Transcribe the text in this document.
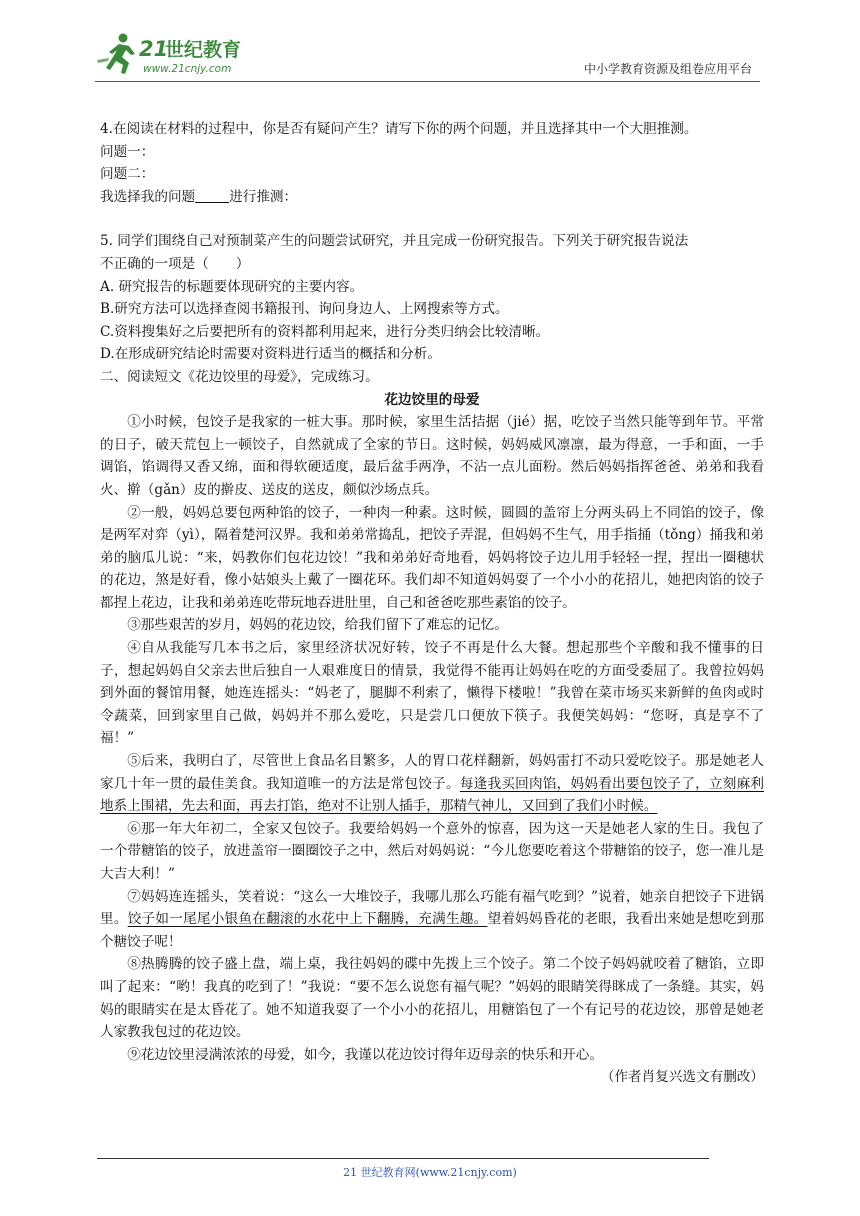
21
世纪教育
www.21cnjy.com	中小学教育资源及组卷应用平台

4.在阅读在材料的过程中，你是否有疑问产生？请写下你的两个问题，并且选择其中一个大胆推测。

问题一：

问题二：

我选择我的问题	进行推测：

5. 同学们围绕自己对预制菜产生的问题尝试研究，并且完成一份研究报告。下列关于研究报告说法

不正确的一项是（　　）

A. 研究报告的标题要体现研究的主要内容。

B.研究方法可以选择查阅书籍报刊、询问身边人、上网搜索等方式。

C.资料搜集好之后要把所有的资料都利用起来，进行分类归纳会比较清晰。

D.在形成研究结论时需要对资料进行适当的概括和分析。

二、阅读短文《花边饺里的母爱》，完成练习。

花边饺里的母爱

①小时候，包饺子是我家的一桩大事。那时候，家里生活拮据（jié）据，吃饺子当然只能等到年节。平常的日子，破天荒包上一顿饺子，自然就成了全家的节日。这时候，妈妈威风凛凛，最为得意，一手和面，一手调馅，馅调得又香又绵，面和得软硬适度，最后盆手两净，不沾一点儿面粉。然后妈妈指挥爸爸、弟弟和我看火、擀（gǎn）皮的擀皮、送皮的送皮，颇似沙场点兵。

②一般，妈妈总要包两种馅的饺子，一种肉一种素。这时候，圆圆的盖帘上分两头码上不同馅的饺子，像是两军对弈（yì），隔着楚河汉界。我和弟弟常捣乱，把饺子弄混，但妈妈不生气，用手指捅（tǒng）捅我和弟弟的脑瓜儿说：“来，妈教你们包花边饺！”我和弟弟好奇地看，妈妈将饺子边儿用手轻轻一捏，捏出一圈穗状的花边，煞是好看，像小姑娘头上戴了一圈花环。我们却不知道妈妈耍了一个小小的花招儿，她把肉馅的饺子都捏上花边，让我和弟弟连吃带玩地吞进肚里，自己和爸爸吃那些素馅的饺子。

③那些艰苦的岁月，妈妈的花边饺，给我们留下了难忘的记忆。

④自从我能写几本书之后，家里经济状况好转，饺子不再是什么大餐。想起那些个辛酸和我不懂事的日子，想起妈妈自父亲去世后独自一人艰难度日的情景，我觉得不能再让妈妈在吃的方面受委屈了。我曾拉妈妈到外面的餐馆用餐，她连连摇头：“妈老了，腿脚不利索了，懒得下楼啦！”我曾在菜市场买来新鲜的鱼肉或时令蔬菜，回到家里自己做，妈妈并不那么爱吃，只是尝几口便放下筷子。我便笑妈妈：“您呀，真是享不了福！”

⑤后来，我明白了，尽管世上食品名目繁多，人的胃口花样翻新，妈妈雷打不动只爱吃饺子。那是她老人家几十年一贯的最佳美食。我知道唯一的方法是常包饺子。每逢我买回肉馅，妈妈看出要包饺子了，立刻麻利地系上围裙，先去和面，再去打馅，绝对不让别人插手，那精气神儿，又回到了我们小时候。

⑥那一年大年初二，全家又包饺子。我要给妈妈一个意外的惊喜，因为这一天是她老人家的生日。我包了一个带糖馅的饺子，放进盖帘一圈圈饺子之中，然后对妈妈说：“今儿您要吃着这个带糖馅的饺子，您一准儿是大吉大利！”

⑦妈妈连连摇头，笑着说：“这么一大堆饺子，我哪儿那么巧能有福气吃到？”说着，她亲自把饺子下进锅里。饺子如一尾尾小银鱼在翻滚的水花中上下翻腾，充满生趣。望着妈妈昏花的老眼，我看出来她是想吃到那个糖饺子呢！

⑧热腾腾的饺子盛上盘，端上桌，我往妈妈的碟中先拨上三个饺子。第二个饺子妈妈就咬着了糖馅，立即叫了起来：“哟！我真的吃到了！”我说：“要不怎么说您有福气呢？”妈妈的眼睛笑得眯成了一条缝。其实，妈妈的眼睛实在是太昏花了。她不知道我耍了一个小小的花招儿，用糖馅包了一个有记号的花边饺，那曾是她老人家教我包过的花边饺。

⑨花边饺里浸满浓浓的母爱，如今，我谨以花边饺讨得年迈母亲的快乐和开心。

（作者肖复兴选文有删改）

21 世纪教育网(www.21cnjy.com)
